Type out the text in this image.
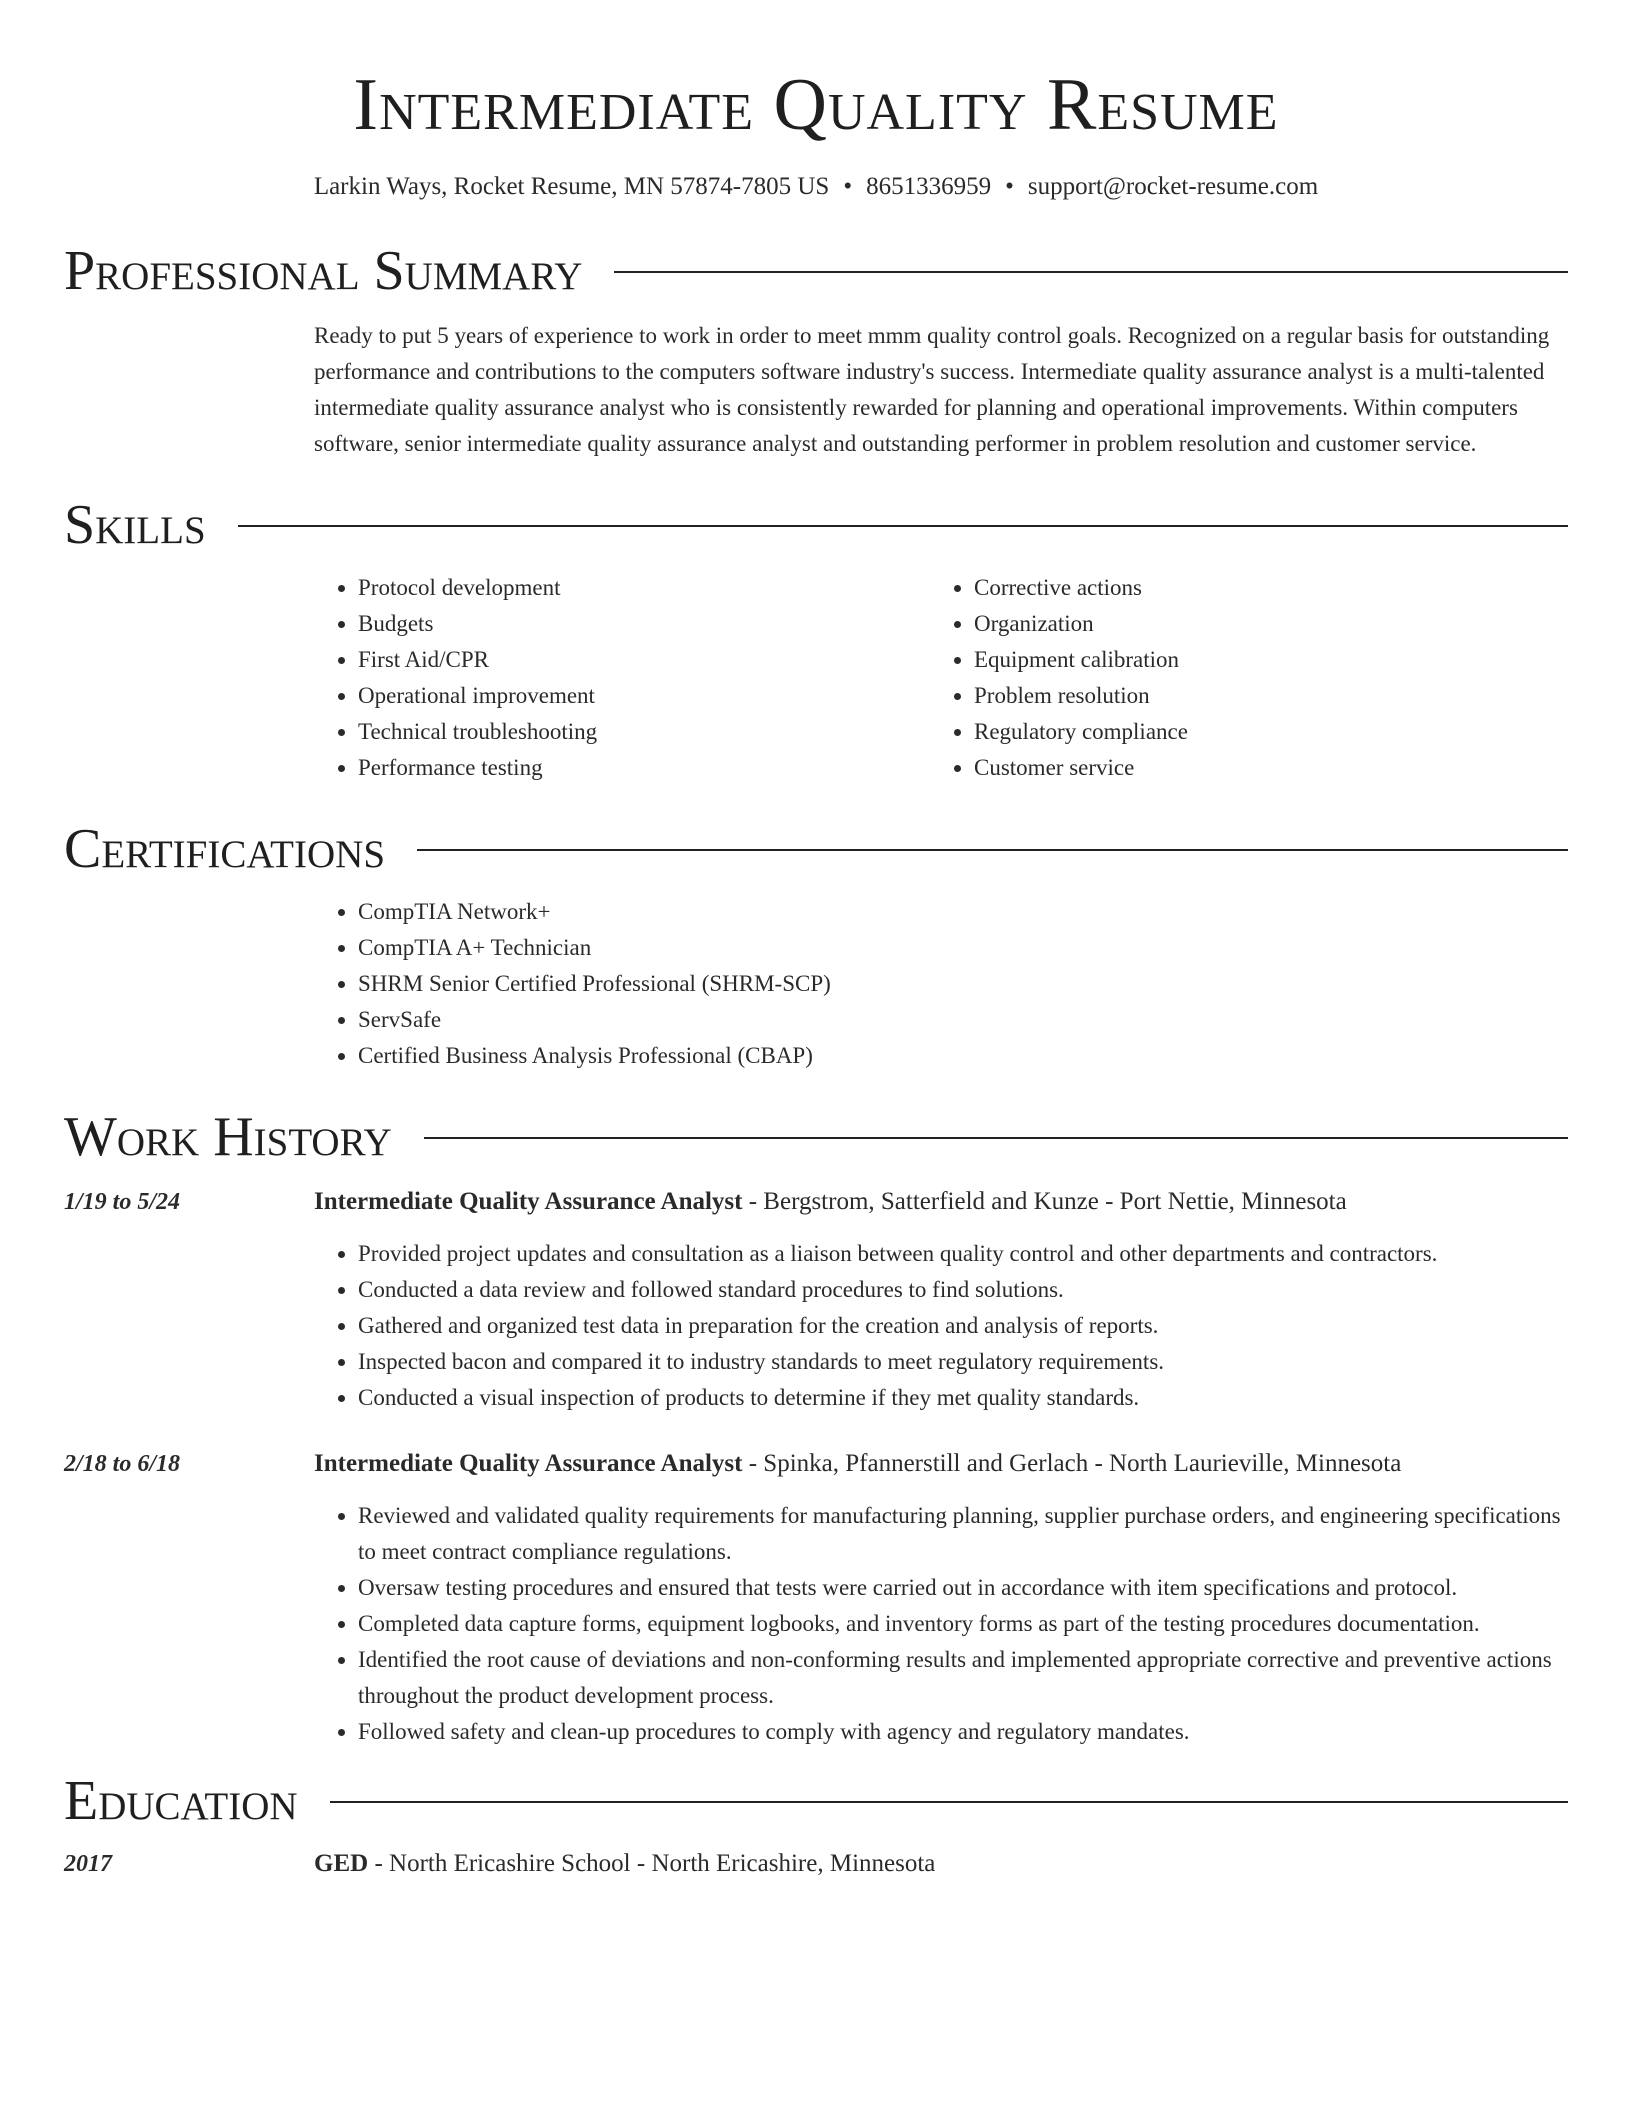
Intermediate Quality Resume
Larkin Ways, Rocket Resume, MN 57874-7805 US • 8651336959 • support@rocket-resume.com
Professional Summary

Ready to put 5 years of experience to work in order to meet mmm quality control goals. Recognized on a regular basis for outstanding performance and contributions to the computers software industry's success. Intermediate quality assurance analyst is a multi-talented intermediate quality assurance analyst who is consistently rewarded for planning and operational improvements. Within computers software, senior intermediate quality assurance analyst and outstanding performer in problem resolution and customer service.

Skills
• Protocol development
• Budgets
• First Aid/CPR
• Operational improvement
• Technical troubleshooting
• Performance testing
• Corrective actions
• Organization
• Equipment calibration
• Problem resolution
• Regulatory compliance
• Customer service
Certifications
• CompTIA Network+
• CompTIA A+ Technician
• SHRM Senior Certified Professional (SHRM-SCP)
• ServSafe
• Certified Business Analysis Professional (CBAP)
Work History
1/19 to 5/24	Intermediate Quality Assurance Analyst - Bergstrom, Satterfield and Kunze - Port Nettie, Minnesota
• Provided project updates and consultation as a liaison between quality control and other departments and contractors.
• Conducted a data review and followed standard procedures to find solutions.
• Gathered and organized test data in preparation for the creation and analysis of reports.
• Inspected bacon and compared it to industry standards to meet regulatory requirements.
• Conducted a visual inspection of products to determine if they met quality standards.
2/18 to 6/18	Intermediate Quality Assurance Analyst - Spinka, Pfannerstill and Gerlach - North Laurieville, Minnesota
• Reviewed and validated quality requirements for manufacturing planning, supplier purchase orders, and engineering specifications to meet contract compliance regulations.
• Oversaw testing procedures and ensured that tests were carried out in accordance with item specifications and protocol.
• Completed data capture forms, equipment logbooks, and inventory forms as part of the testing procedures documentation.
• Identified the root cause of deviations and non-conforming results and implemented appropriate corrective and preventive actions throughout the product development process.
• Followed safety and clean-up procedures to comply with agency and regulatory mandates.
Education
2017	GED - North Ericashire School - North Ericashire, Minnesota
